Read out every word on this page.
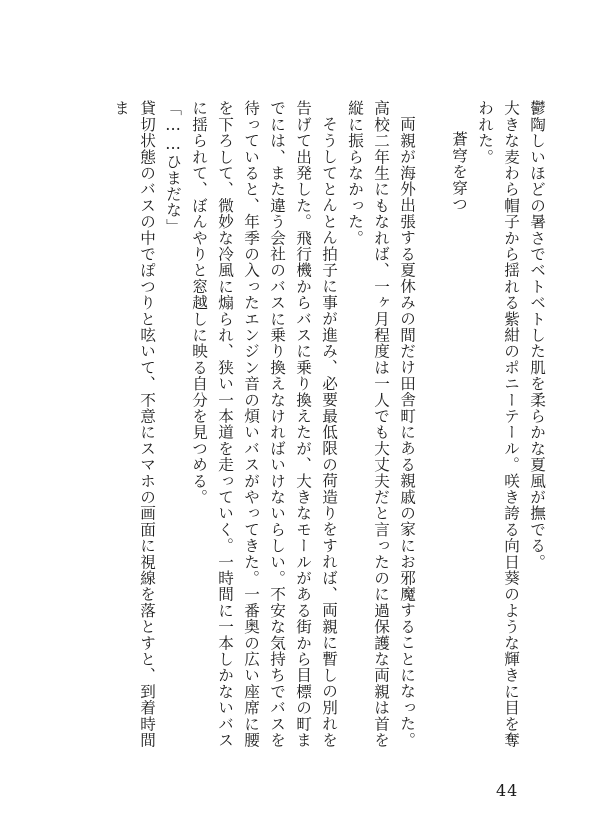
鬱陶しいほどの暑さでベトベトした肌を柔らかな夏風が撫でる。

大きな麦わら帽子から揺れる紫紺のポニーテール。咲き誇る向日葵のような輝きに目を奪われた。

蒼穹を穿つ

両親が海外出張する夏休みの間だけ田舎町にある親戚の家にお邪魔することになった。高校二年生にもなれば、一ヶ月程度は一人でも大丈夫だと言ったのに過保護な両親は首を縦に振らなかった。

そうしてとんとん拍子に事が進み、必要最低限の荷造りをすれば、両親に暫しの別れを告げて出発した。飛行機からバスに乗り換えたが、大きなモールがある街から目標の町までには、また違う会社のバスに乗り換えなければいけないらしい。不安な気持ちでバスを待っていると、年季の入ったエンジン音の煩いバスがやってきた。一番奥の広い座席に腰を下ろして、微妙な冷風に煽られ、狭い一本道を走っていく。一時間に一本しかないバスに揺られて、ぼんやりと窓越しに映る自分を見つめる。

「……ひまだな」

貸切状態のバスの中でぽつりと呟いて、不意にスマホの画面に視線を落とすと、到着時間ま

44
